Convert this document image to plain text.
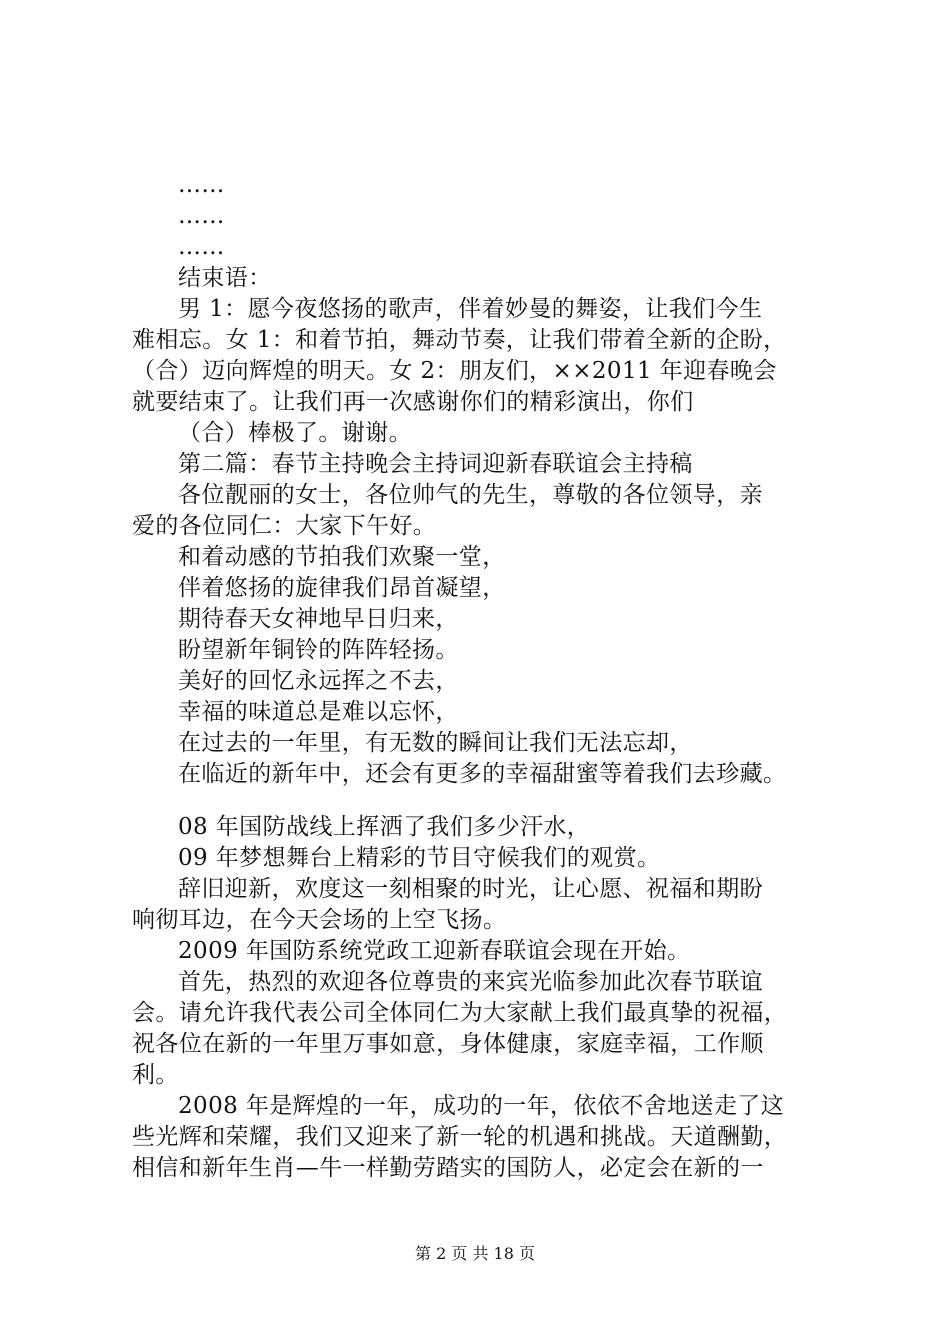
……
……
……
结束语：
男 1：愿今夜悠扬的歌声，伴着妙曼的舞姿，让我们今生
难相忘。女 1：和着节拍，舞动节奏，让我们带着全新的企盼，
（合）迈向辉煌的明天。女 2：朋友们，××2011 年迎春晚会
就要结束了。让我们再一次感谢你们的精彩演出，你们
（合）棒极了。谢谢。
第二篇：春节主持晚会主持词迎新春联谊会主持稿
各位靓丽的女士，各位帅气的先生，尊敬的各位领导，亲
爱的各位同仁：大家下午好。
和着动感的节拍我们欢聚一堂，
伴着悠扬的旋律我们昂首凝望，
期待春天女神地早日归来，
盼望新年铜铃的阵阵轻扬。
美好的回忆永远挥之不去，
幸福的味道总是难以忘怀，
在过去的一年里，有无数的瞬间让我们无法忘却，
在临近的新年中，还会有更多的幸福甜蜜等着我们去珍藏。
08 年国防战线上挥洒了我们多少汗水，
09 年梦想舞台上精彩的节目守候我们的观赏。
辞旧迎新，欢度这一刻相聚的时光，让心愿、祝福和期盼
响彻耳边，在今天会场的上空飞扬。
2009 年国防系统党政工迎新春联谊会现在开始。
首先，热烈的欢迎各位尊贵的来宾光临参加此次春节联谊
会。请允许我代表公司全体同仁为大家献上我们最真挚的祝福，
祝各位在新的一年里万事如意，身体健康，家庭幸福，工作顺
利。
2008 年是辉煌的一年，成功的一年，依依不舍地送走了这
些光辉和荣耀，我们又迎来了新一轮的机遇和挑战。天道酬勤，
相信和新年生肖—牛一样勤劳踏实的国防人，必定会在新的一
第 2 页 共 18 页
